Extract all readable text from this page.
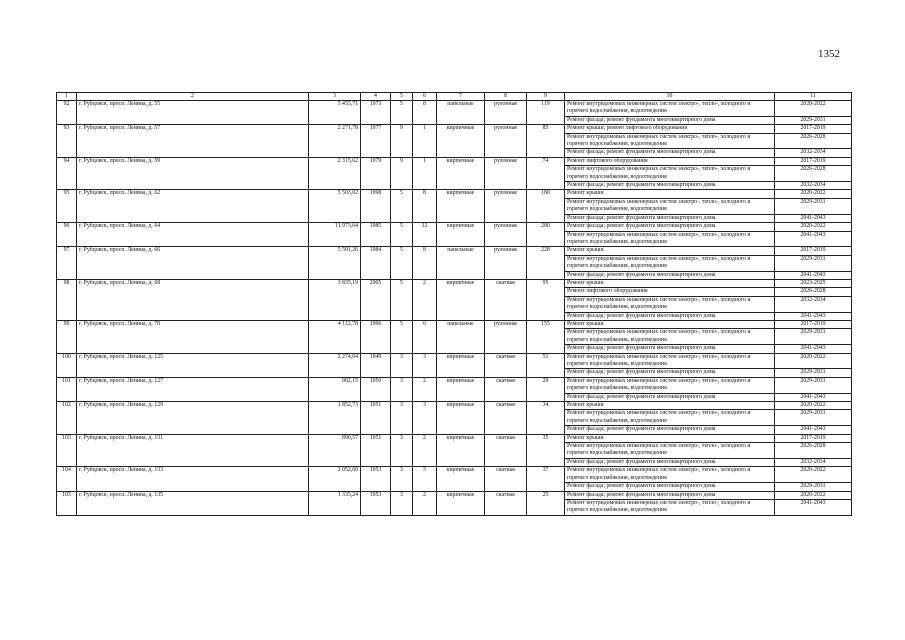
1352
1	2	3	4	5	6	7	8	9	10	11
92	г. Рубцовск, просп. Ленина, д. 55	5 455,71	1973	5	8	панельные	рулонная	119	Ремонт внутридомовых инженерных систем электро-, тепло-, холодного и горячего водоснабжения, водоотведения	2020-2022
									Ремонт фасада; ремонт фундамента многоквартирного дома	2029-2031
93	г. Рубцовск, просп. Ленина, д. 57	2 271,78	1977	9	1	кирпичные	рулонная	85	Ремонт крыши; ремонт лифтового оборудования	2017-2019
									Ремонт внутридомовых инженерных систем электро-, тепло-, холодного и горячего водоснабжения, водоотведения	2026-2028
									Ремонт фасада; ремонт фундамента многоквартирного дома	2032-2034
94	г. Рубцовск, просп. Ленина, д. 59	2 315,62	1979	9	1	кирпичные	рулонная	74	Ремонт лифтового оборудования	2017-2019
									Ремонт внутридомовых инженерных систем электро-, тепло-, холодного и горячего водоснабжения, водоотведения	2026-2028
									Ремонт фасада; ремонт фундамента многоквартирного дома	2032-2034
95	г. Рубцовск, просп. Ленина, д. 62	5 503,02	1998	5	8	кирпичные	рулонная	180	Ремонт крыши	2020-2022
									Ремонт внутридомовых инженерных систем электро-, тепло-, холодного и горячего водоснабжения, водоотведения	2029-2031
									Ремонт фасада; ремонт фундамента многоквартирного дома	2041-2043
96	г. Рубцовск, просп. Ленина, д. 64	11 973,64	1985	5	12	кирпичные	рулонная	280	Ремонт фасада; ремонт фундамента многоквартирного дома	2020-2022
									Ремонт внутридомовых инженерных систем электро-, тепло-, холодного и горячего водоснабжения, водоотведения	2041-2043
97	г. Рубцовск, просп. Ленина, д. 66	5 501,26	1984	5	8	панельные	рулонная	228	Ремонт крыши	2017-2019
									Ремонт внутридомовых инженерных систем электро-, тепло-, холодного и горячего водоснабжения, водоотведения	2029-2031
									Ремонт фасада; ремонт фундамента многоквартирного дома	2041-2043
98	г. Рубцовск, просп. Ленина, д. 68	3 835,19	2005	5	2	кирпичные	скатная	95	Ремонт крыши	2023-2025
									Ремонт лифтового оборудования	2026-2028
									Ремонт внутридомовых инженерных систем электро-, тепло-, холодного и горячего водоснабжения, водоотведения	2032-2034
									Ремонт фасада; ремонт фундамента многоквартирного дома	2041-2043
99	г. Рубцовск, просп. Ленина, д. 70	4 112,78	1996	5	6	панельные	рулонная	155	Ремонт крыши	2017-2019
									Ремонт внутридомовых инженерных систем электро-, тепло-, холодного и горячего водоснабжения, водоотведения	2029-2031
									Ремонт фасада; ремонт фундамента многоквартирного дома	2041-2043
100	г. Рубцовск, просп. Ленина, д. 125	2 274,04	1949	3	3	кирпичные	скатная	51	Ремонт внутридомовых инженерных систем электро-, тепло-, холодного и горячего водоснабжения, водоотведения	2020-2022
									Ремонт фасада; ремонт фундамента многоквартирного дома	2029-2031
101	г. Рубцовск, просп. Ленина, д. 127	902,15	1950	3	2	кирпичные	скатная	29	Ремонт внутридомовых инженерных систем электро-, тепло-, холодного и горячего водоснабжения, водоотведения	2029-2031
									Ремонт фасада; ремонт фундамента многоквартирного дома	2041-2043
102	г. Рубцовск, просп. Ленина, д. 129	1 852,73	1951	3	3	кирпичные	скатная	34	Ремонт крыши	2020-2022
									Ремонт внутридомовых инженерных систем электро-, тепло-, холодного и горячего водоснабжения, водоотведения	2029-2031
									Ремонт фасада; ремонт фундамента многоквартирного дома	2041-2043
103	г. Рубцовск, просп. Ленина, д. 131	890,57	1951	3	2	кирпичные	скатная	35	Ремонт крыши	2017-2019
									Ремонт внутридомовых инженерных систем электро-, тепло-, холодного и горячего водоснабжения, водоотведения	2026-2028
									Ремонт фасада; ремонт фундамента многоквартирного дома	2032-2034
104	г. Рубцовск, просп. Ленина, д. 133	2 052,60	1953	3	3	кирпичные	скатная	37	Ремонт внутридомовых инженерных систем электро-, тепло-, холодного и горячего водоснабжения, водоотведения	2020-2022
									Ремонт фасада; ремонт фундамента многоквартирного дома	2029-2031
105	г. Рубцовск, просп. Ленина, д. 135	1 335,24	1953	3	2	кирпичные	скатная	25	Ремонт фасада; ремонт фундамента многоквартирного дома	2020-2022
									Ремонт внутридомовых инженерных систем электро-, тепло-, холодного и горячего водоснабжения, водоотведения	2041-2043
